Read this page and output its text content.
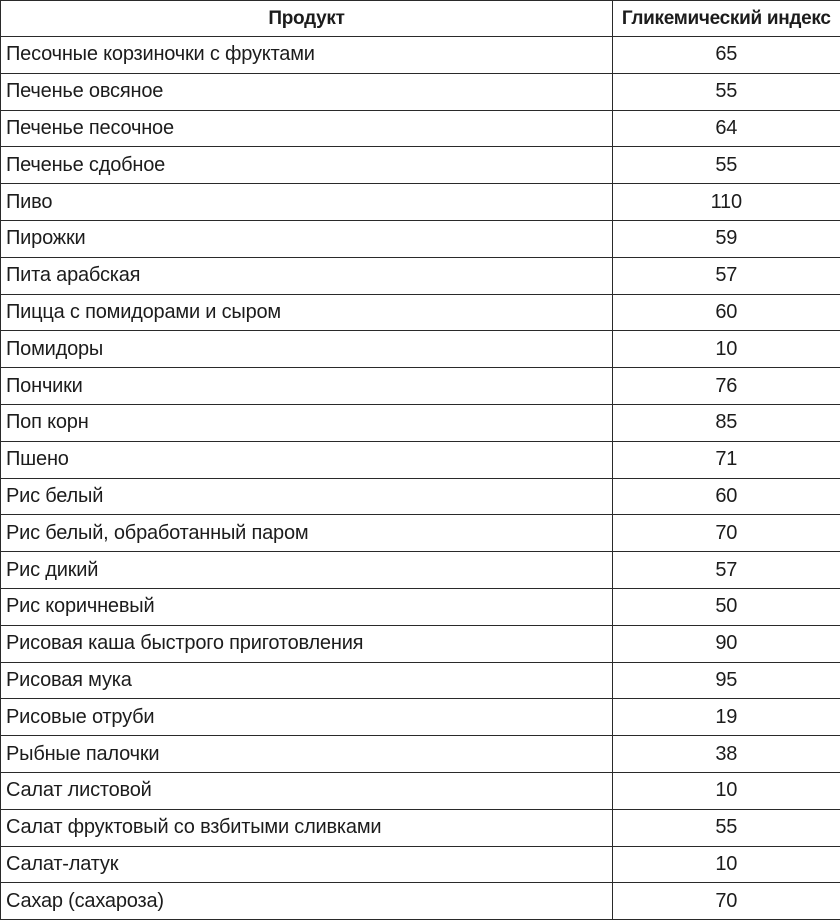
Продукт	Гликемический индекс
Песочные корзиночки с фруктами	65
Печенье овсяное	55
Печенье песочное	64
Печенье сдобное	55
Пиво	110
Пирожки	59
Пита арабская	57
Пицца с помидорами и сыром	60
Помидоры	10
Пончики	76
Поп корн	85
Пшено	71
Рис белый	60
Рис белый, обработанный паром	70
Рис дикий	57
Рис коричневый	50
Рисовая каша быстрого приготовления	90
Рисовая мука	95
Рисовые отруби	19
Рыбные палочки	38
Салат листовой	10
Салат фруктовый со взбитыми сливками	55
Салат-латук	10
Сахар (сахароза)	70
